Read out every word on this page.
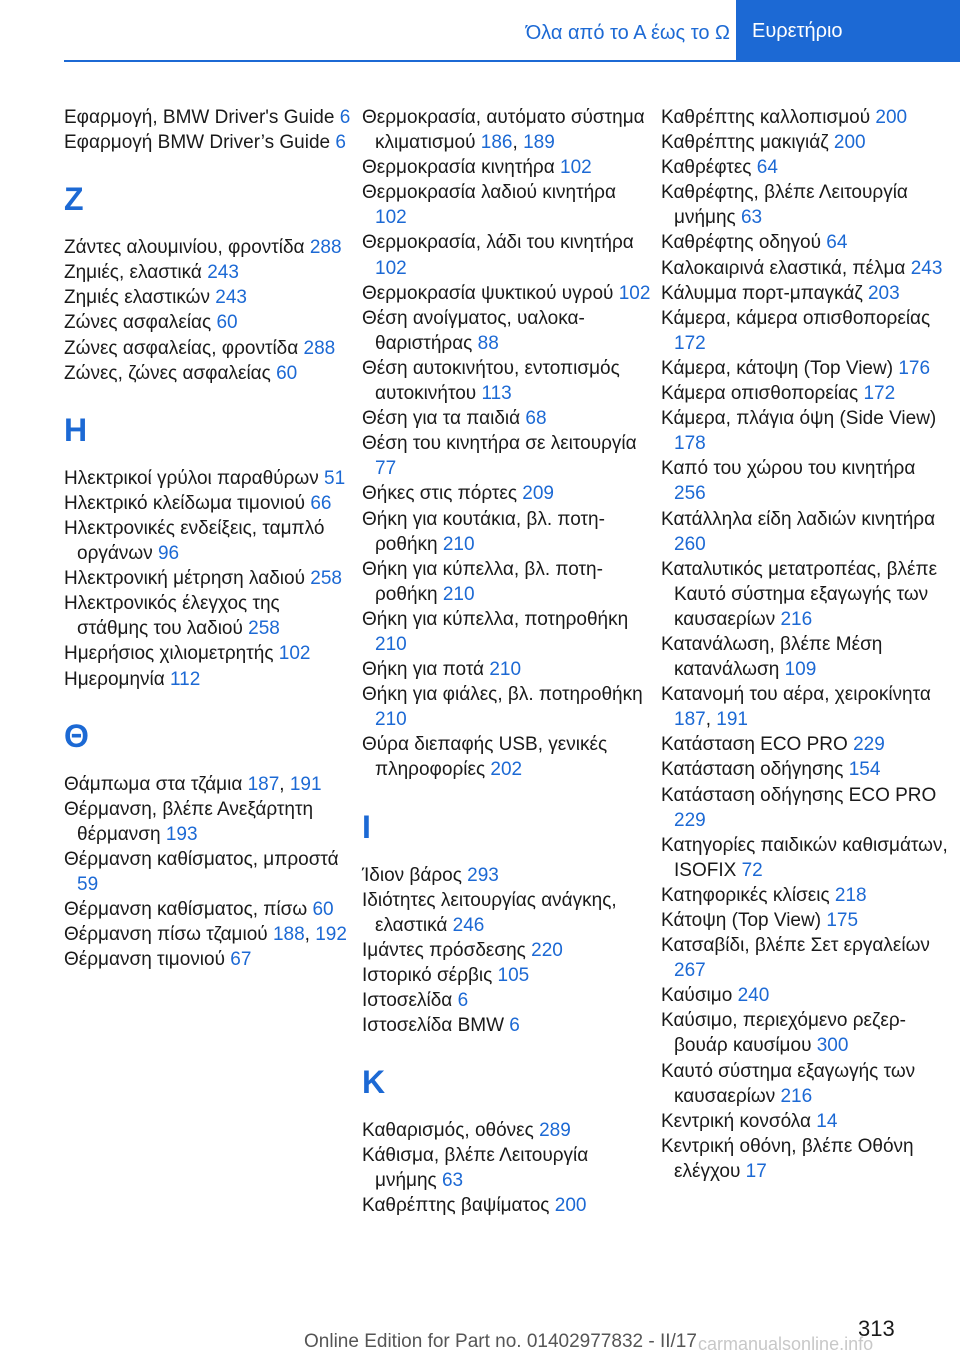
Όλα από το Α έως το Ω	Ευρετήριο
Εφαρμογή, BMW Driver's Guide 6
Εφαρμογή BMW Driver’s Guide 6
Z
Ζάντες αλουμινίου, φροντίδα 288
Ζημιές, ελαστικά 243
Ζημιές ελαστικών 243
Ζώνες ασφαλείας 60
Ζώνες ασφαλείας, φροντίδα 288
Ζώνες, ζώνες ασφαλείας 60
H
Ηλεκτρικοί γρύλοι παραθύρων 51
Ηλεκτρικό κλείδωμα τιμονιού 66
Ηλεκτρονικές ενδείξεις, ταμπλό οργάνων 96
Ηλεκτρονική μέτρηση λαδιού 258
Ηλεκτρονικός έλεγχος της στάθμης του λαδιού 258
Ημερήσιος χιλιομετρητής 102
Ημερομηνία 112
Θ
Θάμπωμα στα τζάμια 187, 191
Θέρμανση, βλέπε Ανεξάρτητη θέρμανση 193
Θέρμανση καθίσματος, μπροστά 59
Θέρμανση καθίσματος, πίσω 60
Θέρμανση πίσω τζαμιού 188, 192
Θέρμανση τιμονιού 67
Θερμοκρασία, αυτόματο σύστημα κλιματισμού 186, 189
Θερμοκρασία κινητήρα 102
Θερμοκρασία λαδιού κινητήρα 102
Θερμοκρασία, λάδι του κινητήρα 102
Θερμοκρασία ψυκτικού υγρού 102
Θέση ανοίγματος, υαλοκαθαριστήρας 88
Θέση αυτοκινήτου, εντοπισμός αυτοκινήτου 113
Θέση για τα παιδιά 68
Θέση του κινητήρα σε λειτουργία 77
Θήκες στις πόρτες 209
Θήκη για κουτάκια, βλ. ποτηροθήκη 210
Θήκη για κύπελλα, βλ. ποτηροθήκη 210
Θήκη για κύπελλα, ποτηροθήκη 210
Θήκη για ποτά 210
Θήκη για φιάλες, βλ. ποτηροθήκη 210
Θύρα διεπαφής USB, γενικές πληροφορίες 202
I
Ίδιον βάρος 293
Ιδιότητες λειτουργίας ανάγκης, ελαστικά 246
Ιμάντες πρόσδεσης 220
Ιστορικό σέρβις 105
Ιστοσελίδα 6
Ιστοσελίδα BMW 6
K
Καθαρισμός, οθόνες 289
Κάθισμα, βλέπε Λειτουργία μνήμης 63
Καθρέπτης βαψίματος 200
Καθρέπτης καλλοπισμού 200
Καθρέπτης μακιγιάζ 200
Καθρέφτες 64
Καθρέφτης, βλέπε Λειτουργία μνήμης 63
Καθρέφτης οδηγού 64
Καλοκαιρινά ελαστικά, πέλμα 243
Κάλυμμα πορτ-μπαγκάζ 203
Κάμερα, κάμερα οπισθοπορείας 172
Κάμερα, κάτοψη (Top View) 176
Κάμερα οπισθοπορείας 172
Κάμερα, πλάγια όψη (Side View) 178
Καπό του χώρου του κινητήρα 256
Κατάλληλα είδη λαδιών κινητήρα 260
Καταλυτικός μετατροπέας, βλέπε Καυτό σύστημα εξαγωγής των καυσαερίων 216
Κατανάλωση, βλέπε Μέση κατανάλωση 109
Κατανομή του αέρα, χειροκίνητα 187, 191
Κατάσταση ECO PRO 229
Κατάσταση οδήγησης 154
Κατάσταση οδήγησης ECO PRO 229
Κατηγορίες παιδικών καθισμάτων, ISOFIX 72
Κατηφορικές κλίσεις 218
Κάτοψη (Top View) 175
Κατσαβίδι, βλέπε Σετ εργαλείων 267
Καύσιμο 240
Καύσιμο, περιεχόμενο ρεζερβουάρ καυσίμου 300
Καυτό σύστημα εξαγωγής των καυσαερίων 216
Κεντρική κονσόλα 14
Κεντρική οθόνη, βλέπε Οθόνη ελέγχου 17
313
Online Edition for Part no. 01402977832 - II/17 carmanualsonline.info
